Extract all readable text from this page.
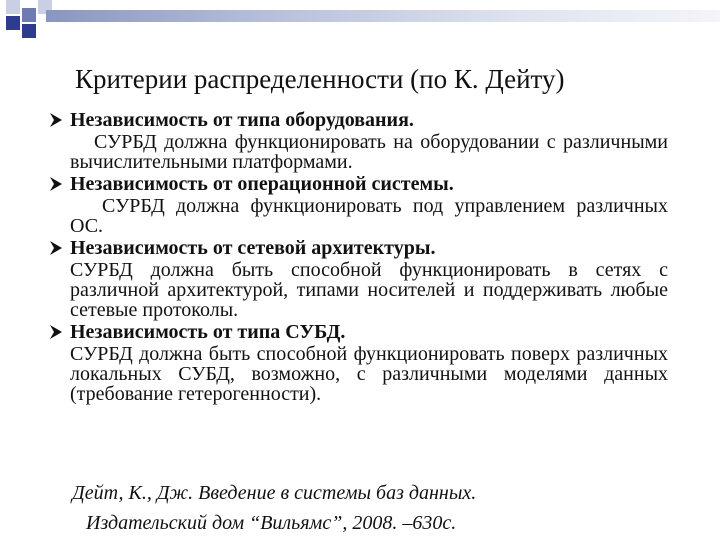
Критерии распределенности (по К. Дейту)
Независимость от типа оборудования.

СУРБД должна функционировать на оборудовании с различными вычислительными платформами.

Независимость от операционной системы.

СУРБД должна функционировать под управлением различных ОС.

Независимость от сетевой архитектуры.

СУРБД должна быть способной функционировать в сетях с различной архитектурой, типами носителей и поддерживать любые сетевые протоколы.

Независимость от типа СУБД.

СУРБД должна быть способной функционировать поверх различных локальных СУБД, возможно, с различными моделями данных (требование гетерогенности).

Дейт, К., Дж. Введение в системы баз данных.
Издательский дом “Вильямс”, 2008. –630с.
